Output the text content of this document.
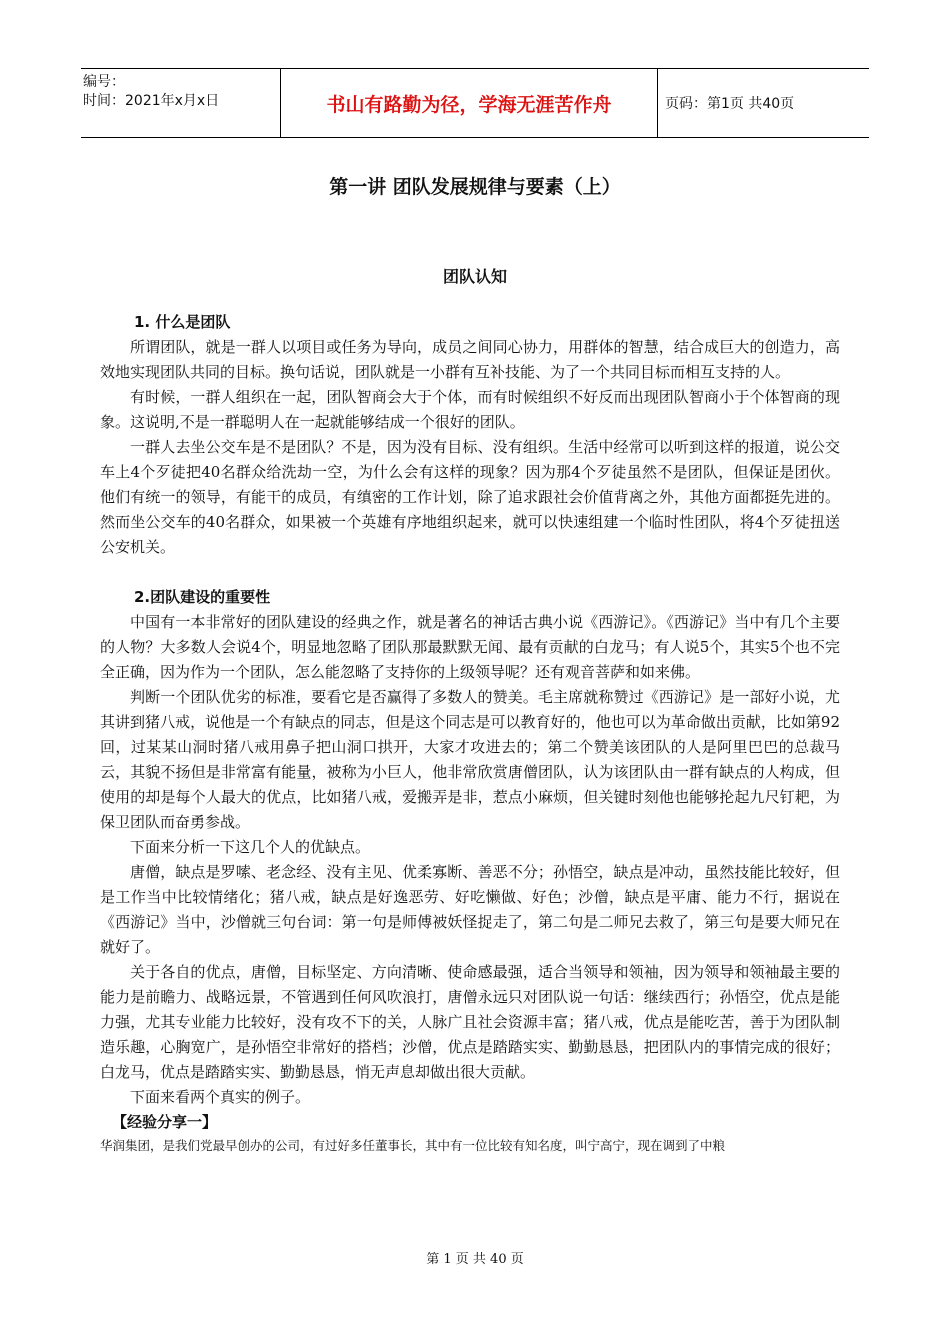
编号：
时间：2021年x月x日	书山有路勤为径，学海无涯苦作舟	页码：第1页 共40页
第一讲 团队发展规律与要素（上）
团队认知

1. 什么是团队

所谓团队，就是一群人以项目或任务为导向，成员之间同心协力，用群体的智慧，结合成巨大的创造力，高效地实现团队共同的目标。换句话说，团队就是一小群有互补技能、为了一个共同目标而相互支持的人。

有时候，一群人组织在一起，团队智商会大于个体，而有时候组织不好反而出现团队智商小于个体智商的现象。这说明,不是一群聪明人在一起就能够结成一个很好的团队。

一群人去坐公交车是不是团队？不是，因为没有目标、没有组织。生活中经常可以听到这样的报道，说公交车上4个歹徒把40名群众给洗劫一空，为什么会有这样的现象？因为那4个歹徒虽然不是团队，但保证是团伙。他们有统一的领导，有能干的成员，有缜密的工作计划，除了追求跟社会价值背离之外，其他方面都挺先进的。然而坐公交车的40名群众，如果被一个英雄有序地组织起来，就可以快速组建一个临时性团队，将4个歹徒扭送公安机关。

2.团队建设的重要性

中国有一本非常好的团队建设的经典之作，就是著名的神话古典小说《西游记》。《西游记》当中有几个主要的人物？大多数人会说4个，明显地忽略了团队那最默默无闻、最有贡献的白龙马；有人说5个，其实5个也不完全正确，因为作为一个团队，怎么能忽略了支持你的上级领导呢？还有观音菩萨和如来佛。

判断一个团队优劣的标准，要看它是否赢得了多数人的赞美。毛主席就称赞过《西游记》是一部好小说，尤其讲到猪八戒，说他是一个有缺点的同志，但是这个同志是可以教育好的，他也可以为革命做出贡献，比如第92回，过某某山洞时猪八戒用鼻子把山洞口拱开，大家才攻进去的；第二个赞美该团队的人是阿里巴巴的总裁马云，其貌不扬但是非常富有能量，被称为小巨人，他非常欣赏唐僧团队，认为该团队由一群有缺点的人构成，但使用的却是每个人最大的优点，比如猪八戒，爱搬弄是非，惹点小麻烦，但关键时刻他也能够抡起九尺钉耙，为保卫团队而奋勇参战。

下面来分析一下这几个人的优缺点。

唐僧，缺点是罗嗦、老念经、没有主见、优柔寡断、善恶不分；孙悟空，缺点是冲动，虽然技能比较好，但是工作当中比较情绪化；猪八戒，缺点是好逸恶劳、好吃懒做、好色；沙僧，缺点是平庸、能力不行，据说在《西游记》当中，沙僧就三句台词：第一句是师傅被妖怪捉走了，第二句是二师兄去救了，第三句是要大师兄在就好了。

关于各自的优点，唐僧，目标坚定、方向清晰、使命感最强，适合当领导和领袖，因为领导和领袖最主要的能力是前瞻力、战略远景，不管遇到任何风吹浪打，唐僧永远只对团队说一句话：继续西行；孙悟空，优点是能力强，尤其专业能力比较好，没有攻不下的关，人脉广且社会资源丰富；猪八戒，优点是能吃苦，善于为团队制造乐趣，心胸宽广，是孙悟空非常好的搭档；沙僧，优点是踏踏实实、勤勤恳恳，把团队内的事情完成的很好；白龙马，优点是踏踏实实、勤勤恳恳，悄无声息却做出很大贡献。

下面来看两个真实的例子。

【经验分享一】

华润集团，是我们党最早创办的公司，有过好多任董事长，其中有一位比较有知名度，叫宁高宁，现在调到了中粮

第 1 页 共 40 页
